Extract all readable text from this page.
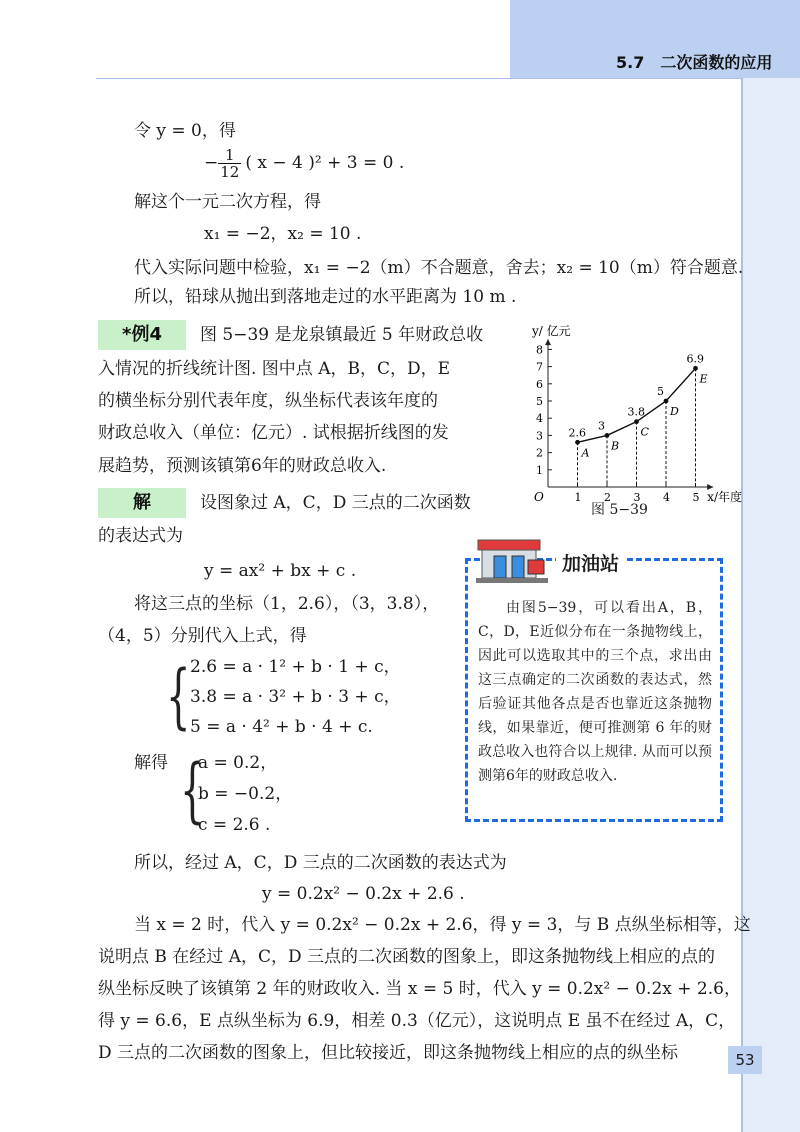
5.7　二次函数的应用
令 y = 0，得
− $\frac{1}{12}$ ( x − 4 )² + 3 = 0 .
解这个一元二次方程，得
x₁ = −2，x₂ = 10 .
代入实际问题中检验，x₁ = −2（m）不合题意，舍去；x₂ = 10（m）符合题意.
所以，铅球从抛出到落地走过的水平距离为 10 m .
*例4	图 5−39 是龙泉镇最近 5 年财政总收
入情况的折线统计图. 图中点 A，B，C，D，E
的横坐标分别代表年度，纵坐标代表该年度的
财政总收入（单位：亿元）. 试根据折线图的发
展趋势，预测该镇第6年的财政总收入.
O	x/年度
y/ 亿元
1
2
3
4
5
6
7
8
1 2 3 4 5
2.6
A
3
B
3.8
C
5
D
6.9
E
图 5−39
解	设图象过 A，C，D 三点的二次函数
的表达式为
y = ax² + bx + c .
将这三点的坐标（1，2.6），（3，3.8），
（4，5）分别代入上式，得
{ 2.6 = a · 1² + b · 1 + c，
3.8 = a · 3² + b · 3 + c，
5 = a · 4² + b · 4 + c.
解得 {
a = 0.2，
b = −0.2，
c = 2.6 .
加油站
由图5−39，可以看出A，B，C，D，E近似分布在一条抛物线上，因此可以选取其中的三个点，求出由这三点确定的二次函数的表达式，然后验证其他各点是否也靠近这条抛物线，如果靠近，便可推测第 6 年的财政总收入也符合以上规律. 从而可以预测第6年的财政总收入.
所以，经过 A，C，D 三点的二次函数的表达式为
y = 0.2x² − 0.2x + 2.6 .
当 x = 2 时，代入 y = 0.2x² − 0.2x + 2.6，得 y = 3，与 B 点纵坐标相等，这
说明点 B 在经过 A，C，D 三点的二次函数的图象上，即这条抛物线上相应的点的
纵坐标反映了该镇第 2 年的财政收入. 当 x = 5 时，代入 y = 0.2x² − 0.2x + 2.6，
得 y = 6.6，E 点纵坐标为 6.9，相差 0.3（亿元），这说明点 E 虽不在经过 A，C，
D 三点的二次函数的图象上，但比较接近，即这条抛物线上相应的点的纵坐标	53
